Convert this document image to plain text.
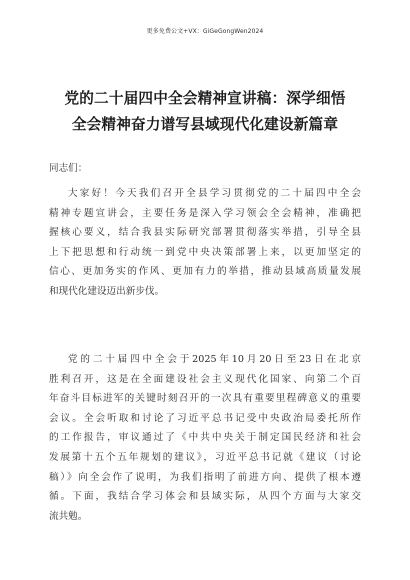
更多免费公文+VX：GiGeGongWen2024
党的二十届四中全会精神宣讲稿：深学细悟
全会精神奋力谱写县域现代化建设新篇章
同志们：

大家好！今天我们召开全县学习贯彻党的二十届四中全会
精神专题宣讲会，主要任务是深入学习领会全会精神，准确把
握核心要义，结合我县实际研究部署贯彻落实举措，引导全县
上下把思想和行动统一到党中央决策部署上来，以更加坚定的
信心、更加务实的作风、更加有力的举措，推动县域高质量发展
和现代化建设迈出新步伐。

党的二十届四中全会于2025年10月20日至23日在北京
胜利召开，这是在全面建设社会主义现代化国家、向第二个百
年奋斗目标进军的关键时刻召开的一次具有重要里程碑意义的重要
会议。全会听取和讨论了习近平总书记受中央政治局委托所作
的工作报告，审议通过了《中共中央关于制定国民经济和社会
发展第十五个五年规划的建议》，习近平总书记就《建议（讨论
稿）》向全会作了说明，为我们指明了前进方向、提供了根本遵
循。下面，我结合学习体会和县域实际，从四个方面与大家交
流共勉。
